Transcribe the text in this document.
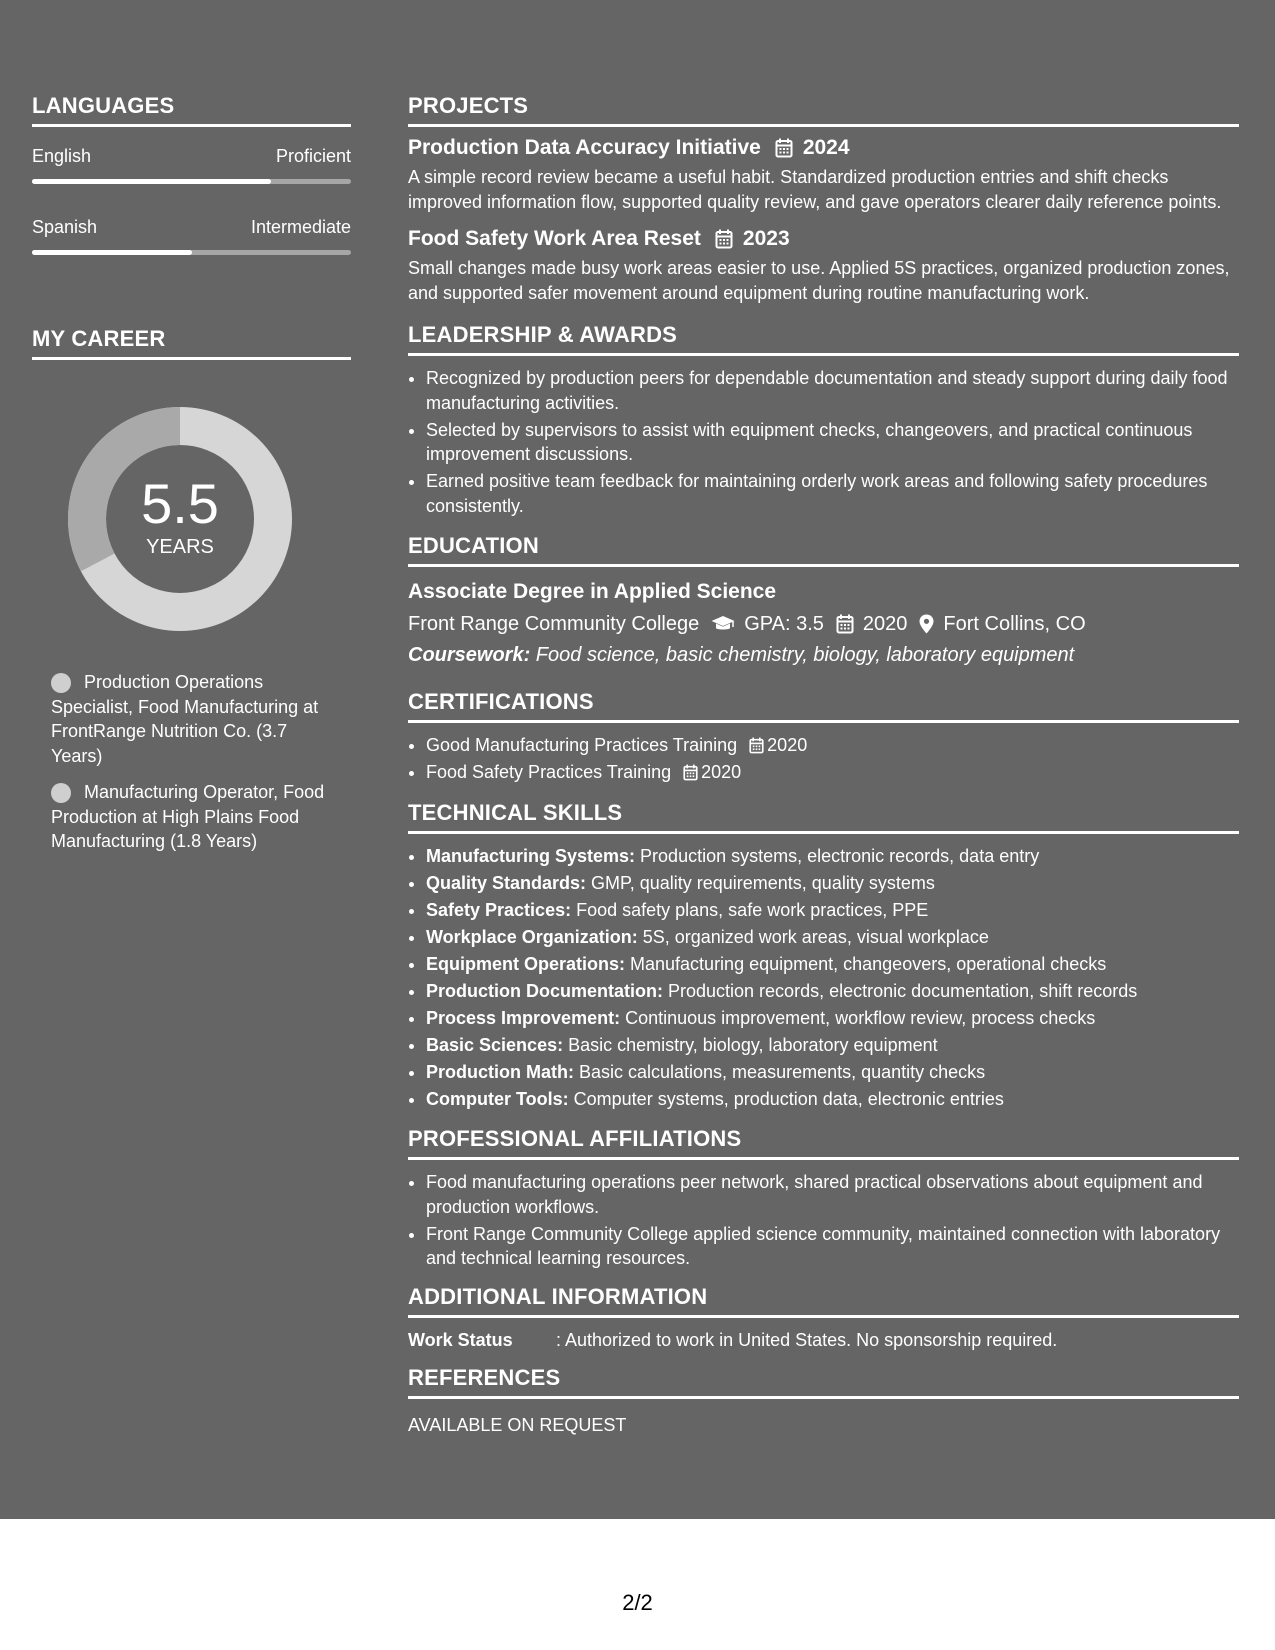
LANGUAGES
English	Proficient
Spanish	Intermediate
MY CAREER
5.5
YEARS
Production Operations Specialist, Food Manufacturing at FrontRange Nutrition Co. (3.7 Years)
Manufacturing Operator, Food Production at High Plains Food Manufacturing (1.8 Years)
PROJECTS
Production Data Accuracy Initiative 2024
A simple record review became a useful habit. Standardized production entries and shift checks improved information flow, supported quality review, and gave operators clearer daily reference points.
Food Safety Work Area Reset 2023
Small changes made busy work areas easier to use. Applied 5S practices, organized production zones, and supported safer movement around equipment during routine manufacturing work.
LEADERSHIP & AWARDS
• Recognized by production peers for dependable documentation and steady support during daily food manufacturing activities.
• Selected by supervisors to assist with equipment checks, changeovers, and practical continuous improvement discussions.
• Earned positive team feedback for maintaining orderly work areas and following safety procedures consistently.
EDUCATION
Associate Degree in Applied Science
Front Range Community College GPA: 3.5 2020 Fort Collins, CO
Coursework: Food science, basic chemistry, biology, laboratory equipment
CERTIFICATIONS
• Good Manufacturing Practices Training 2020
• Food Safety Practices Training 2020
TECHNICAL SKILLS
• Manufacturing Systems: Production systems, electronic records, data entry
• Quality Standards: GMP, quality requirements, quality systems
• Safety Practices: Food safety plans, safe work practices, PPE
• Workplace Organization: 5S, organized work areas, visual workplace
• Equipment Operations: Manufacturing equipment, changeovers, operational checks
• Production Documentation: Production records, electronic documentation, shift records
• Process Improvement: Continuous improvement, workflow review, process checks
• Basic Sciences: Basic chemistry, biology, laboratory equipment
• Production Math: Basic calculations, measurements, quantity checks
• Computer Tools: Computer systems, production data, electronic entries
PROFESSIONAL AFFILIATIONS
• Food manufacturing operations peer network, shared practical observations about equipment and production workflows.
• Front Range Community College applied science community, maintained connection with laboratory and technical learning resources.
ADDITIONAL INFORMATION
Work Status	: Authorized to work in United States. No sponsorship required.
REFERENCES
AVAILABLE ON REQUEST
2/2
